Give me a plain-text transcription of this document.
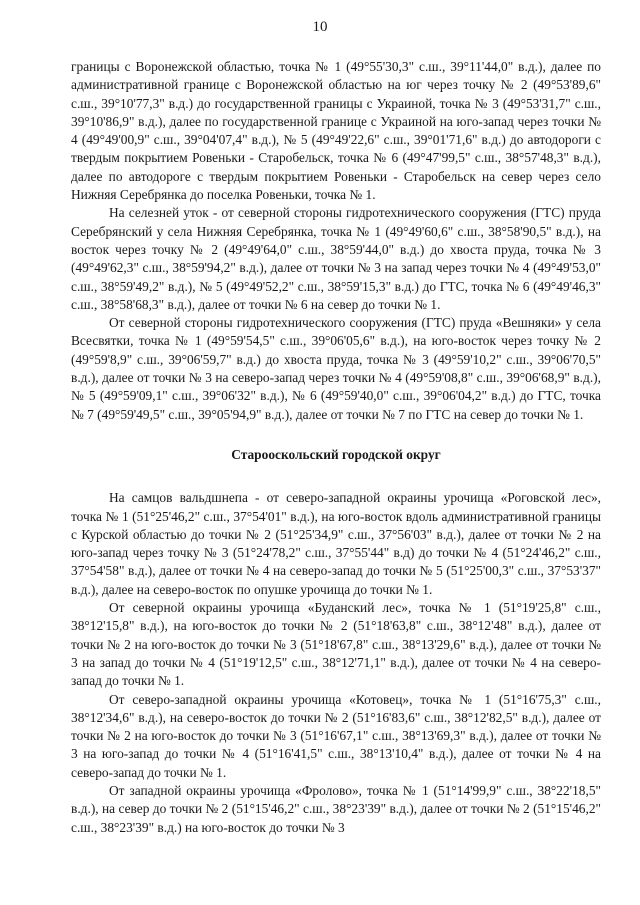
10

границы с Воронежской областью, точка № 1 (49°55'30,3" с.ш., 39°11'44,0" в.д.), далее по административной границе с Воронежской областью на юг через точку № 2 (49°53'89,6" с.ш., 39°10'77,3" в.д.) до государственной границы с Украиной, точка № 3 (49°53'31,7" с.ш., 39°10'86,9" в.д.), далее по государственной границе с Украиной на юго-запад через точки № 4 (49°49'00,9" с.ш., 39°04'07,4" в.д.), № 5 (49°49'22,6" с.ш., 39°01'71,6" в.д.) до автодороги с твердым покрытием Ровеньки - Старобельск, точка № 6 (49°47'99,5" с.ш., 38°57'48,3" в.д.), далее по автодороге с твердым покрытием Ровеньки - Старобельск на север через село Нижняя Серебрянка до поселка Ровеньки, точка № 1.

На селезней уток - от северной стороны гидротехнического сооружения (ГТС) пруда Серебрянский у села Нижняя Серебрянка, точка № 1 (49°49'60,6" с.ш., 38°58'90,5" в.д.), на восток через точку № 2 (49°49'64,0" с.ш., 38°59'44,0" в.д.) до хвоста пруда, точка № 3 (49°49'62,3" с.ш., 38°59'94,2" в.д.), далее от точки № 3 на запад через точки № 4 (49°49'53,0" с.ш., 38°59'49,2" в.д.), № 5 (49°49'52,2" с.ш., 38°59'15,3" в.д.) до ГТС, точка № 6 (49°49'46,3" с.ш., 38°58'68,3" в.д.), далее от точки № 6 на север до точки № 1.

От северной стороны гидротехнического сооружения (ГТС) пруда «Вешняки» у села Всесвятки, точка № 1 (49°59'54,5" с.ш., 39°06'05,6" в.д.), на юго-восток через точку № 2 (49°59'8,9" с.ш., 39°06'59,7" в.д.) до хвоста пруда, точка № 3 (49°59'10,2" с.ш., 39°06'70,5" в.д.), далее от точки № 3 на северо-запад через точки № 4 (49°59'08,8" с.ш., 39°06'68,9" в.д.), № 5 (49°59'09,1" с.ш., 39°06'32" в.д.), № 6 (49°59'40,0" с.ш., 39°06'04,2" в.д.) до ГТС, точка № 7 (49°59'49,5" с.ш., 39°05'94,9" в.д.), далее от точки № 7 по ГТС на север до точки № 1.

Старооскольский городской округ

На самцов вальдшнепа - от северо-западной окраины урочища «Роговской лес», точка № 1 (51°25'46,2" с.ш., 37°54'01" в.д.), на юго-восток вдоль административной границы с Курской областью до точки № 2 (51°25'34,9" с.ш., 37°56'03" в.д.), далее от точки № 2 на юго-запад через точку № 3 (51°24'78,2" с.ш., 37°55'44" в.д) до точки № 4 (51°24'46,2" с.ш., 37°54'58" в.д.), далее от точки № 4 на северо-запад до точки № 5 (51°25'00,3" с.ш., 37°53'37" в.д.), далее на северо-восток по опушке урочища до точки № 1.

От северной окраины урочища «Буданский лес», точка № 1 (51°19'25,8" с.ш., 38°12'15,8" в.д.), на юго-восток до точки № 2 (51°18'63,8" с.ш., 38°12'48" в.д.), далее от точки № 2 на юго-восток до точки № 3 (51°18'67,8" с.ш., 38°13'29,6" в.д.), далее от точки № 3 на запад до точки № 4 (51°19'12,5" с.ш., 38°12'71,1" в.д.), далее от точки № 4 на северо-запад до точки № 1.

От северо-западной окраины урочища «Котовец», точка № 1 (51°16'75,3" с.ш., 38°12'34,6" в.д.), на северо-восток до точки № 2 (51°16'83,6" с.ш., 38°12'82,5" в.д.), далее от точки № 2 на юго-восток до точки № 3 (51°16'67,1" с.ш., 38°13'69,3" в.д.), далее от точки № 3 на юго-запад до точки № 4 (51°16'41,5" с.ш., 38°13'10,4" в.д.), далее от точки № 4 на северо-запад до точки № 1.

От западной окраины урочища «Фролово», точка № 1 (51°14'99,9" с.ш., 38°22'18,5" в.д.), на север до точки № 2 (51°15'46,2" с.ш., 38°23'39" в.д.), далее от точки № 2 (51°15'46,2" с.ш., 38°23'39" в.д.) на юго-восток до точки № 3
